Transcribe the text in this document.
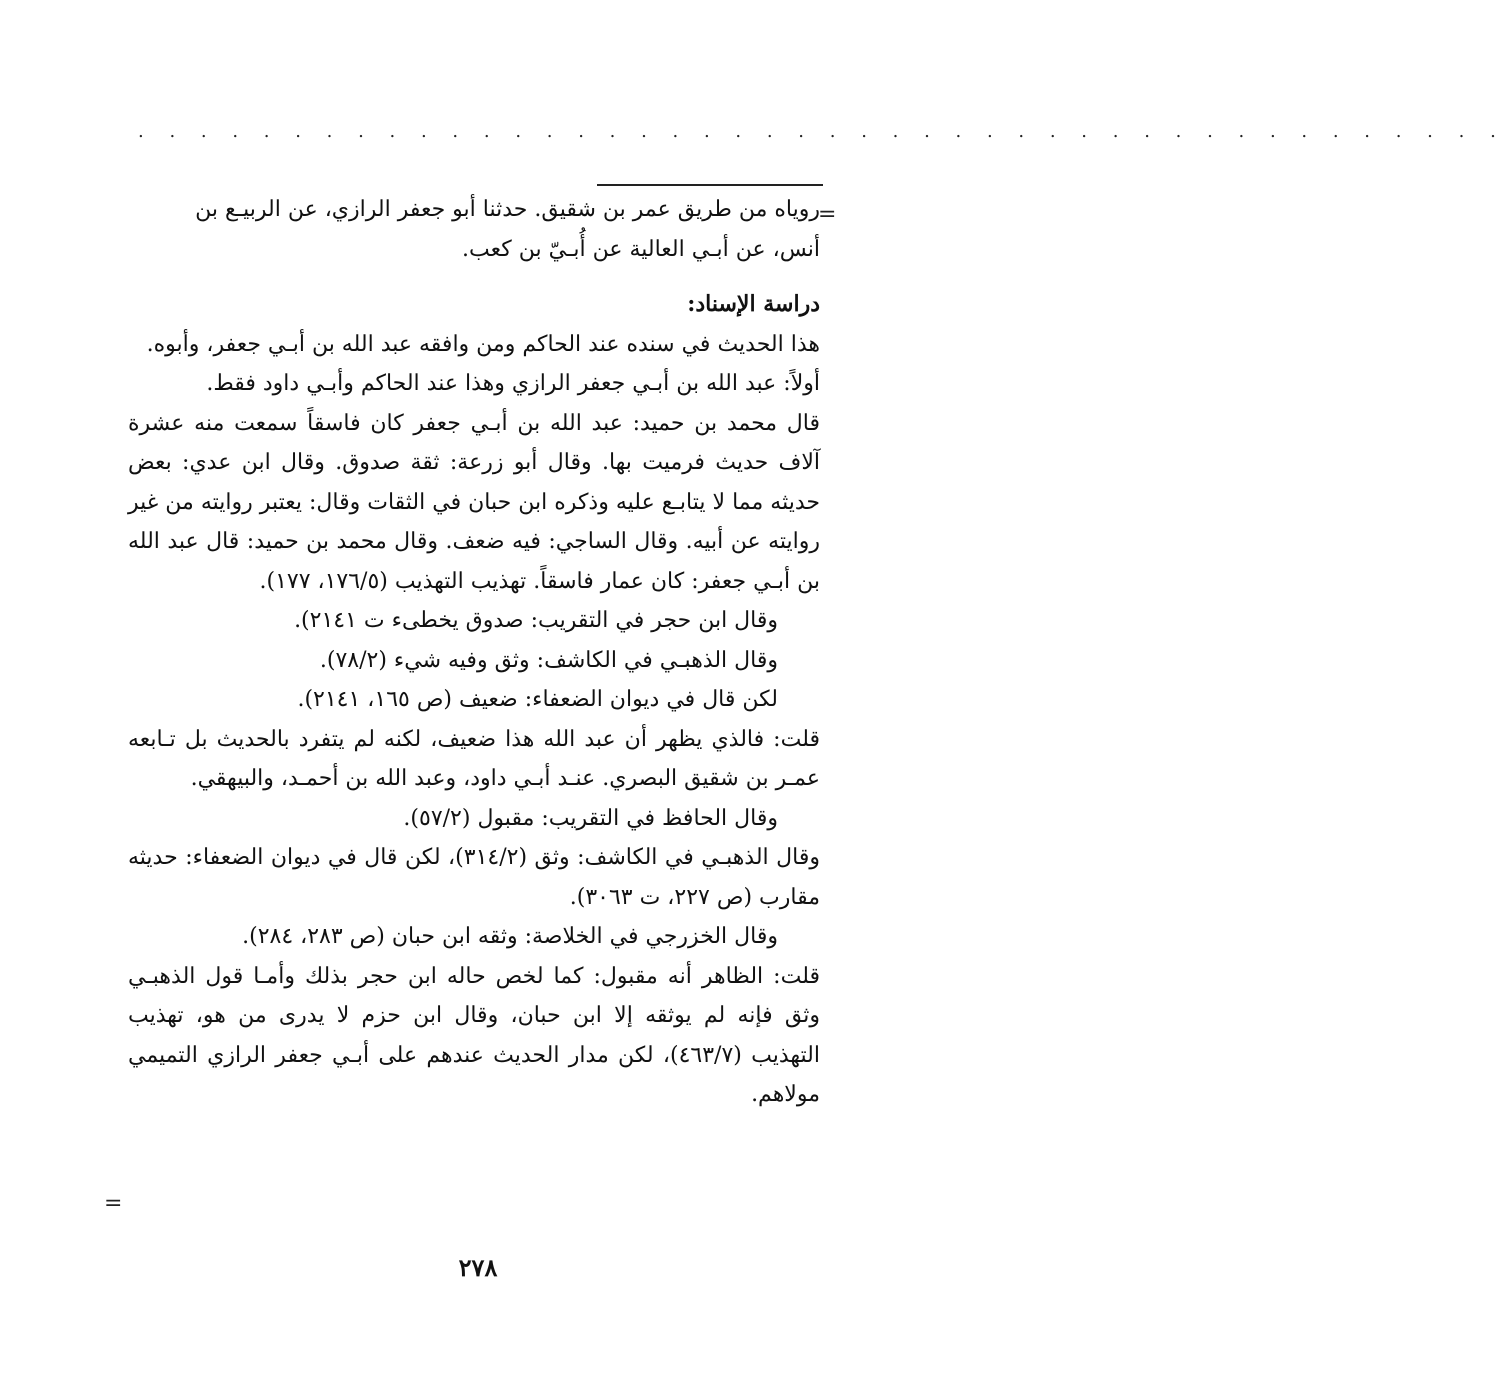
. . . . . . . . . . . . . . . . . . . . . . . . . . . . . . . . . . . . . . . . . . . .
=

روياه من طريق عمر بن شقيق. حدثنا أبو جعفر الرازي، عن الربيـع بن

أنس، عن أبـي العالية عن أُبـيّ بن كعب.

دراسة الإسناد:

هذا الحديث في سنده عند الحاكم ومن وافقه عبد الله بن أبـي جعفر، وأبوه.

أولاً: عبد الله بن أبـي جعفر الرازي وهذا عند الحاكم وأبـي داود فقط.

قال محمد بن حميد: عبد الله بن أبـي جعفر كان فاسقاً سمعت منه عشرة آلاف حديث فرميت بها. وقال أبو زرعة: ثقة صدوق. وقال ابن عدي: بعض حديثه مما لا يتابـع عليه وذكره ابن حبان في الثقات وقال: يعتبر روايته من غير روايته عن أبيه. وقال الساجي: فيه ضعف. وقال محمد بن حميد: قال عبد الله بن أبـي جعفر: كان عمار فاسقاً. تهذيب التهذيب (١٧٦/٥، ١٧٧).

وقال ابن حجر في التقريب: صدوق يخطىء ت ٢١٤١).

وقال الذهبـي في الكاشف: وثق وفيه شيء (٧٨/٢).

لكن قال في ديوان الضعفاء: ضعيف (ص ١٦٥، ٢١٤١).

قلت: فالذي يظهر أن عبد الله هذا ضعيف، لكنه لم يتفرد بالحديث بل تـابعه عمـر بن شقيق البصري. عنـد أبـي داود، وعبد الله بن أحمـد، والبيهقي.

وقال الحافظ في التقريب: مقبول (٥٧/٢).

وقال الذهبـي في الكاشف: وثق (٣١٤/٢)، لكن قال في ديوان الضعفاء: حديثه مقارب (ص ٢٢٧، ت ٣٠٦٣).

وقال الخزرجي في الخلاصة: وثقه ابن حبان (ص ٢٨٣، ٢٨٤).

قلت: الظاهر أنه مقبول: كما لخص حاله ابن حجر بذلك وأمـا قول الذهبـي وثق فإنه لم يوثقه إلا ابن حبان، وقال ابن حزم لا يدرى من هو، تهذيب التهذيب (٤٦٣/٧)، لكن مدار الحديث عندهم على أبـي جعفر الرازي التميمي مولاهم.

=
٢٧٨
